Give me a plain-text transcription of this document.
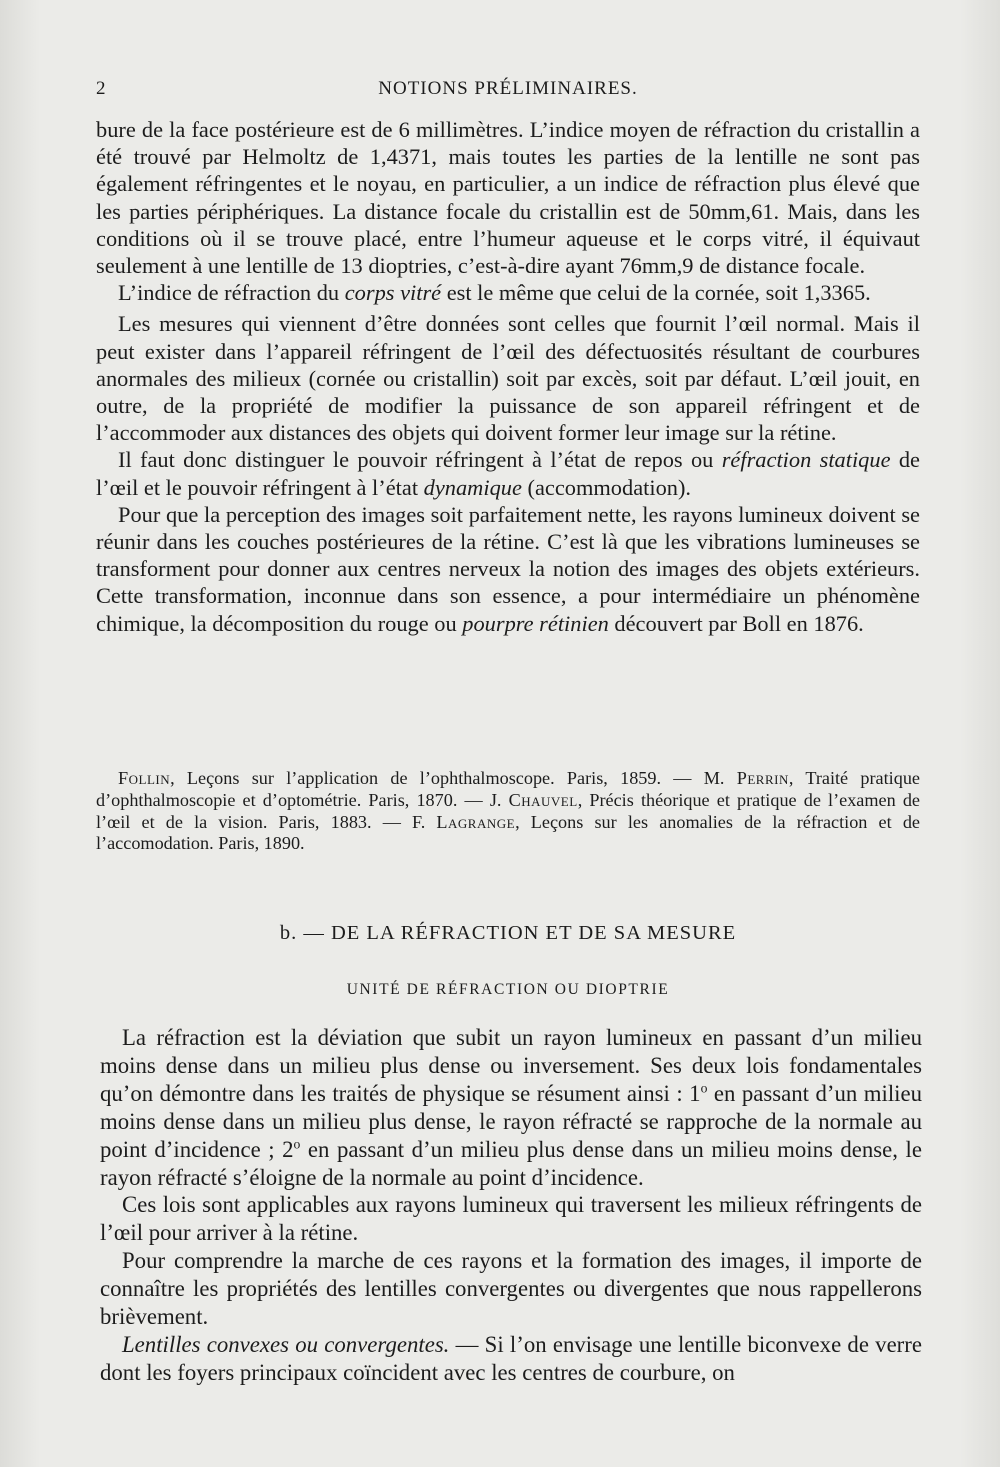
2	NOTIONS PRÉLIMINAIRES.

bure de la face postérieure est de 6 millimètres. L’indice moyen de réfraction du cristallin a été trouvé par Helmoltz de 1,4371, mais toutes les parties de la lentille ne sont pas également réfringentes et le noyau, en particulier, a un indice de réfraction plus élevé que les parties périphériques. La distance focale du cristallin est de 50mm,61. Mais, dans les conditions où il se trouve placé, entre l’humeur aqueuse et le corps vitré, il équivaut seulement à une lentille de 13 dioptries, c’est-à-dire ayant 76mm,9 de distance focale.

L’indice de réfraction du corps vitré est le même que celui de la cornée, soit 1,3365.

Les mesures qui viennent d’être données sont celles que fournit l’œil normal. Mais il peut exister dans l’appareil réfringent de l’œil des défectuosités résultant de courbures anormales des milieux (cornée ou cristallin) soit par excès, soit par défaut. L’œil jouit, en outre, de la propriété de modifier la puissance de son appareil réfringent et de l’accommoder aux distances des objets qui doivent former leur image sur la rétine.

Il faut donc distinguer le pouvoir réfringent à l’état de repos ou réfraction statique de l’œil et le pouvoir réfringent à l’état dynamique (accommodation).

Pour que la perception des images soit parfaitement nette, les rayons lumineux doivent se réunir dans les couches postérieures de la rétine. C’est là que les vibrations lumineuses se transforment pour donner aux centres nerveux la notion des images des objets extérieurs. Cette transformation, inconnue dans son essence, a pour intermédiaire un phénomène chimique, la décomposition du rouge ou pourpre rétinien découvert par Boll en 1876.

Follin, Leçons sur l’application de l’ophthalmoscope. Paris, 1859. — M. Perrin, Traité pratique d’ophthalmoscopie et d’optométrie. Paris, 1870. — J. Chauvel, Précis théorique et pratique de l’examen de l’œil et de la vision. Paris, 1883. — F. Lagrange, Leçons sur les anomalies de la réfraction et de l’accomodation. Paris, 1890.
b. — DE LA RÉFRACTION ET DE SA MESURE
UNITÉ DE RÉFRACTION OU DIOPTRIE

La réfraction est la déviation que subit un rayon lumineux en passant d’un milieu moins dense dans un milieu plus dense ou inversement. Ses deux lois fondamentales qu’on démontre dans les traités de physique se résument ainsi : 1$^o$ en passant d’un milieu moins dense dans un milieu plus dense, le rayon réfracté se rapproche de la normale au point d’incidence ; 2$^o$ en passant d’un milieu plus dense dans un milieu moins dense, le rayon réfracté s’éloigne de la normale au point d’incidence.

Ces lois sont applicables aux rayons lumineux qui traversent les milieux réfringents de l’œil pour arriver à la rétine.

Pour comprendre la marche de ces rayons et la formation des images, il importe de connaître les propriétés des lentilles convergentes ou divergentes que nous rappellerons brièvement.

Lentilles convexes ou convergentes. — Si l’on envisage une lentille biconvexe de verre dont les foyers principaux coïncident avec les centres de courbure, on
